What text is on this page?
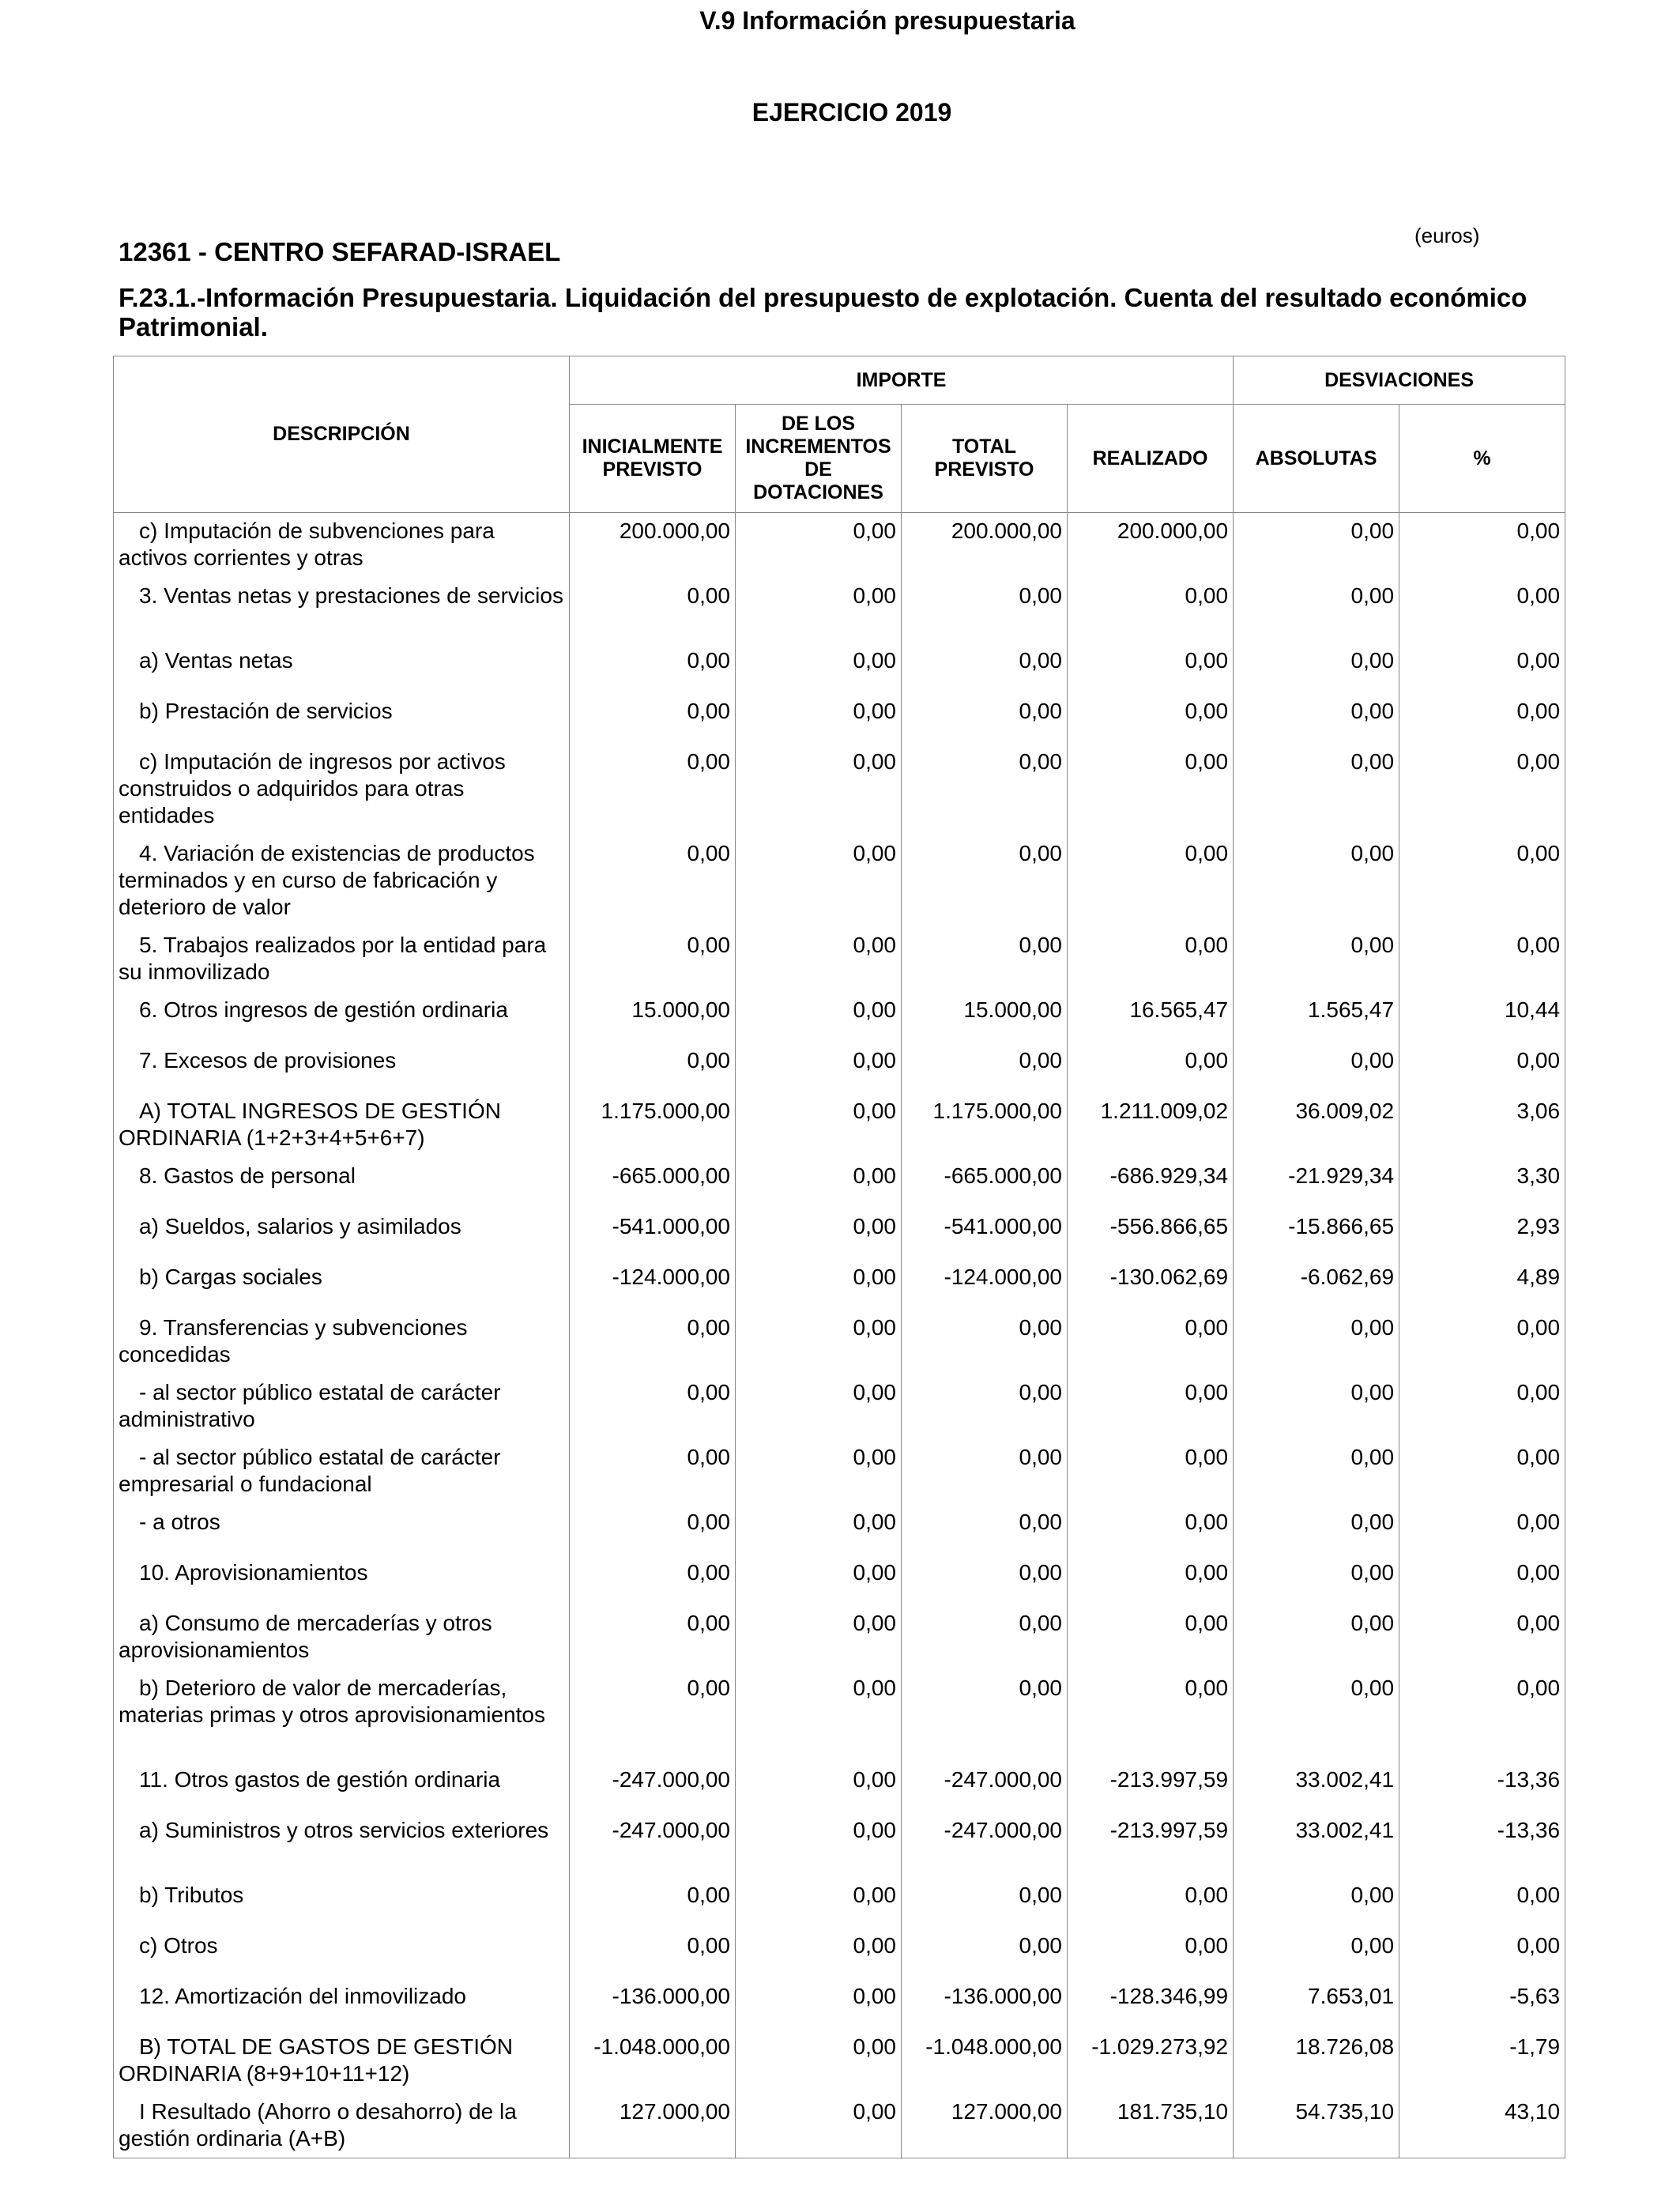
V.9 Información presupuestaria
EJERCICIO 2019
(euros)
12361 - CENTRO SEFARAD-ISRAEL
F.23.1.-Información Presupuestaria. Liquidación del presupuesto de explotación. Cuenta del resultado económico Patrimonial.
DESCRIPCIÓN	IMPORTE				DESVIACIONES	
	INICIALMENTE PREVISTO	DE LOS INCREMENTOS DE DOTACIONES	TOTAL PREVISTO	REALIZADO	ABSOLUTAS	%
c) Imputación de subvenciones para activos corrientes y otras	200.000,00	0,00	200.000,00	200.000,00	0,00	0,00
3. Ventas netas y prestaciones de servicios	0,00	0,00	0,00	0,00	0,00	0,00
a) Ventas netas	0,00	0,00	0,00	0,00	0,00	0,00
b) Prestación de servicios	0,00	0,00	0,00	0,00	0,00	0,00
c) Imputación de ingresos por activos construidos o adquiridos para otras entidades	0,00	0,00	0,00	0,00	0,00	0,00
4. Variación de existencias de productos terminados y en curso de fabricación y deterioro de valor	0,00	0,00	0,00	0,00	0,00	0,00
5. Trabajos realizados por la entidad para su inmovilizado	0,00	0,00	0,00	0,00	0,00	0,00
6. Otros ingresos de gestión ordinaria	15.000,00	0,00	15.000,00	16.565,47	1.565,47	10,44
7. Excesos de provisiones	0,00	0,00	0,00	0,00	0,00	0,00
A) TOTAL INGRESOS DE GESTIÓN ORDINARIA (1+2+3+4+5+6+7)	1.175.000,00	0,00	1.175.000,00	1.211.009,02	36.009,02	3,06
8. Gastos de personal	-665.000,00	0,00	-665.000,00	-686.929,34	-21.929,34	3,30
a) Sueldos, salarios y asimilados	-541.000,00	0,00	-541.000,00	-556.866,65	-15.866,65	2,93
b) Cargas sociales	-124.000,00	0,00	-124.000,00	-130.062,69	-6.062,69	4,89
9. Transferencias y subvenciones concedidas	0,00	0,00	0,00	0,00	0,00	0,00
- al sector público estatal de carácter administrativo	0,00	0,00	0,00	0,00	0,00	0,00
- al sector público estatal de carácter empresarial o fundacional	0,00	0,00	0,00	0,00	0,00	0,00
- a otros	0,00	0,00	0,00	0,00	0,00	0,00
10. Aprovisionamientos	0,00	0,00	0,00	0,00	0,00	0,00
a) Consumo de mercaderías y otros aprovisionamientos	0,00	0,00	0,00	0,00	0,00	0,00
b) Deterioro de valor de mercaderías, materias primas y otros aprovisionamientos	0,00	0,00	0,00	0,00	0,00	0,00
11. Otros gastos de gestión ordinaria	-247.000,00	0,00	-247.000,00	-213.997,59	33.002,41	-13,36
a) Suministros y otros servicios exteriores	-247.000,00	0,00	-247.000,00	-213.997,59	33.002,41	-13,36
b) Tributos	0,00	0,00	0,00	0,00	0,00	0,00
c) Otros	0,00	0,00	0,00	0,00	0,00	0,00
12. Amortización del inmovilizado	-136.000,00	0,00	-136.000,00	-128.346,99	7.653,01	-5,63
B) TOTAL DE GASTOS DE GESTIÓN ORDINARIA (8+9+10+11+12)	-1.048.000,00	0,00	-1.048.000,00	-1.029.273,92	18.726,08	-1,79
I Resultado (Ahorro o desahorro) de la gestión ordinaria (A+B)	127.000,00	0,00	127.000,00	181.735,10	54.735,10	43,10
